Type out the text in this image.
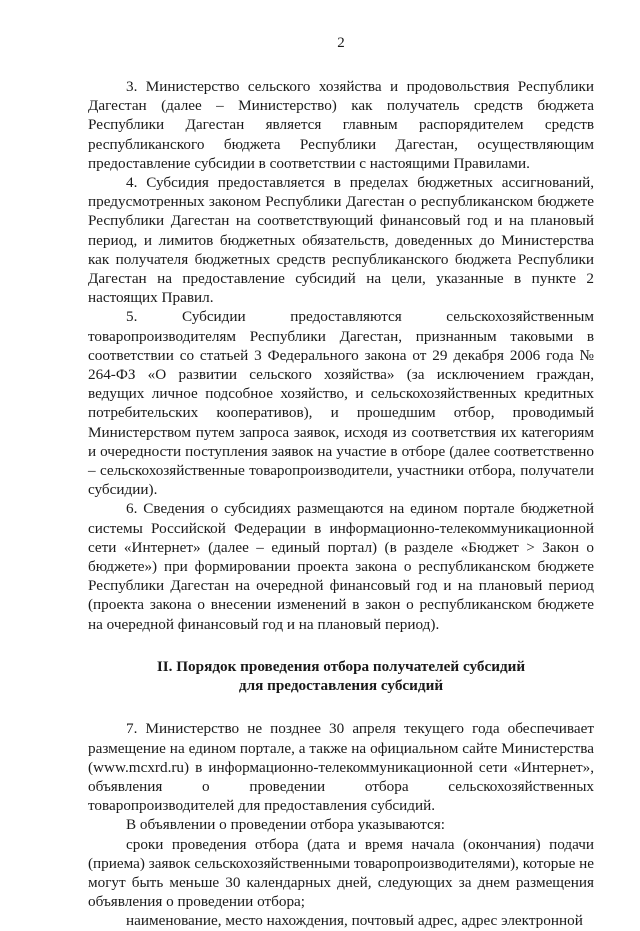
2

3. Министерство сельского хозяйства и продовольствия Республики Дагестан (далее – Министерство) как получатель средств бюджета Республики Дагестан является главным распорядителем средств республиканского бюджета Республики Дагестан, осуществляющим предоставление субсидии в соответствии с настоящими Правилами.

4. Субсидия предоставляется в пределах бюджетных ассигнований, предусмотренных законом Республики Дагестан о республиканском бюджете Республики Дагестан на соответствующий финансовый год и на плановый период, и лимитов бюджетных обязательств, доведенных до Министерства как получателя бюджетных средств республиканского бюджета Республики Дагестан на предоставление субсидий на цели, указанные в пункте 2 настоящих Правил.

5. Субсидии предоставляются сельскохозяйственным товаропроизводителям Республики Дагестан, признанным таковыми в соответствии со статьей 3 Федерального закона от 29 декабря 2006 года № 264-ФЗ «О развитии сельского хозяйства» (за исключением граждан, ведущих личное подсобное хозяйство, и сельскохозяйственных кредитных потребительских кооперативов), и прошедшим отбор, проводимый Министерством путем запроса заявок, исходя из соответствия их категориям и очередности поступления заявок на участие в отборе (далее соответственно – сельскохозяйственные товаропроизводители, участники отбора, получатели субсидии).

6. Сведения о субсидиях размещаются на едином портале бюджетной системы Российской Федерации в информационно-телекоммуникационной сети «Интернет» (далее – единый портал) (в разделе «Бюджет > Закон о бюджете») при формировании проекта закона о республиканском бюджете Республики Дагестан на очередной финансовый год и на плановый период (проекта закона о внесении изменений в закон о республиканском бюджете на очередной финансовый год и на плановый период).

II. Порядок проведения отбора получателей субсидий
для предоставления субсидий

7. Министерство не позднее 30 апреля текущего года обеспечивает размещение на едином портале, а также на официальном сайте Министерства (www.mcxrd.ru) в информационно-телекоммуникационной сети «Интернет», объявления о проведении отбора сельскохозяйственных товаропроизводителей для предоставления субсидий.

В объявлении о проведении отбора указываются:

сроки проведения отбора (дата и время начала (окончания) подачи (приема) заявок сельскохозяйственными товаропроизводителями), которые не могут быть меньше 30 календарных дней, следующих за днем размещения объявления о проведении отбора;

наименование, место нахождения, почтовый адрес, адрес электронной
